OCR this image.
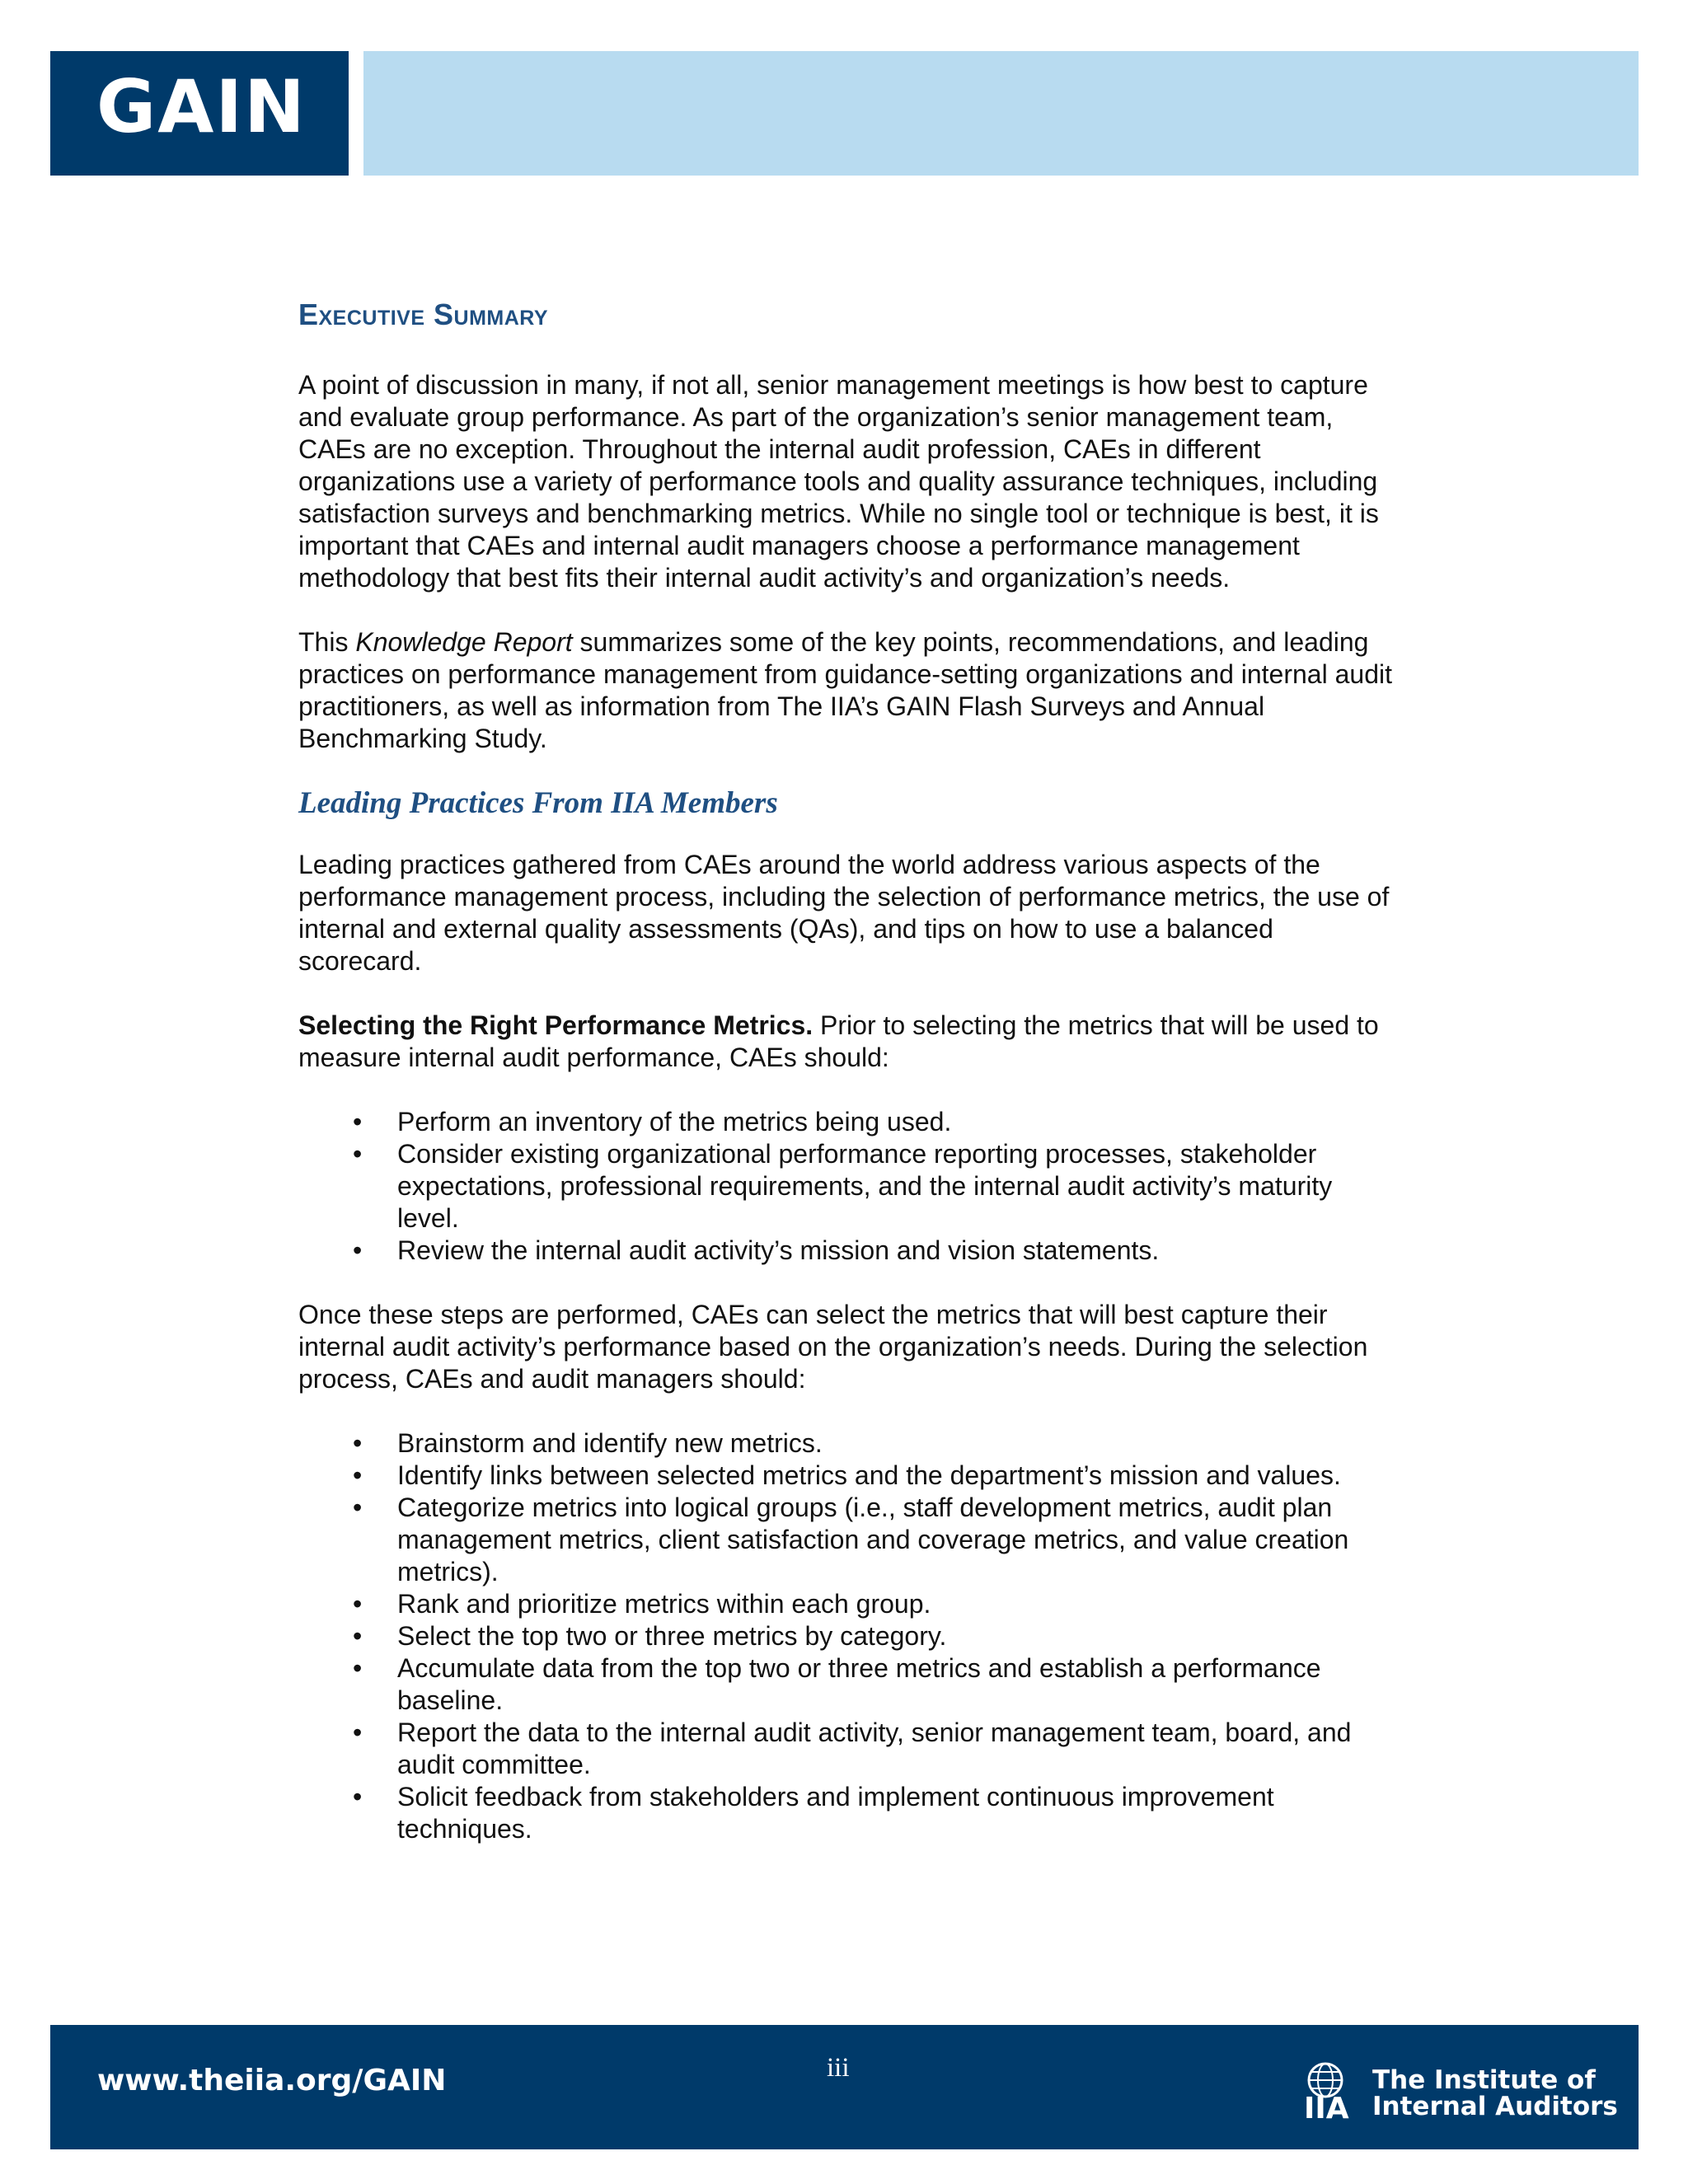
GAIN
Executive Summary

A point of discussion in many, if not all, senior management meetings is how best to capture and evaluate group performance. As part of the organization’s senior management team, CAEs are no exception. Throughout the internal audit profession, CAEs in different organizations use a variety of performance tools and quality assurance techniques, including satisfaction surveys and benchmarking metrics. While no single tool or technique is best, it is important that CAEs and internal audit managers choose a performance management methodology that best fits their internal audit activity’s and organization’s needs.

This Knowledge Report summarizes some of the key points, recommendations, and leading practices on performance management from guidance-setting organizations and internal audit practitioners, as well as information from The IIA’s GAIN Flash Surveys and Annual Benchmarking Study.

Leading Practices From IIA Members

Leading practices gathered from CAEs around the world address various aspects of the performance management process, including the selection of performance metrics, the use of internal and external quality assessments (QAs), and tips on how to use a balanced scorecard.

Selecting the Right Performance Metrics. Prior to selecting the metrics that will be used to measure internal audit performance, CAEs should:

• Perform an inventory of the metrics being used.
• Consider existing organizational performance reporting processes, stakeholder expectations, professional requirements, and the internal audit activity’s maturity level.
• Review the internal audit activity’s mission and vision statements.

Once these steps are performed, CAEs can select the metrics that will best capture their internal audit activity’s performance based on the organization’s needs. During the selection process, CAEs and audit managers should:

• Brainstorm and identify new metrics.
• Identify links between selected metrics and the department’s mission and values.
• Categorize metrics into logical groups (i.e., staff development metrics, audit plan management metrics, client satisfaction and coverage metrics, and value creation metrics).
• Rank and prioritize metrics within each group.
• Select the top two or three metrics by category.
• Accumulate data from the top two or three metrics and establish a performance baseline.
• Report the data to the internal audit activity, senior management team, board, and audit committee.
• Solicit feedback from stakeholders and implement continuous improvement techniques.
www.theiia.org/GAIN	iii
IIA
The Institute of
Internal Auditors
